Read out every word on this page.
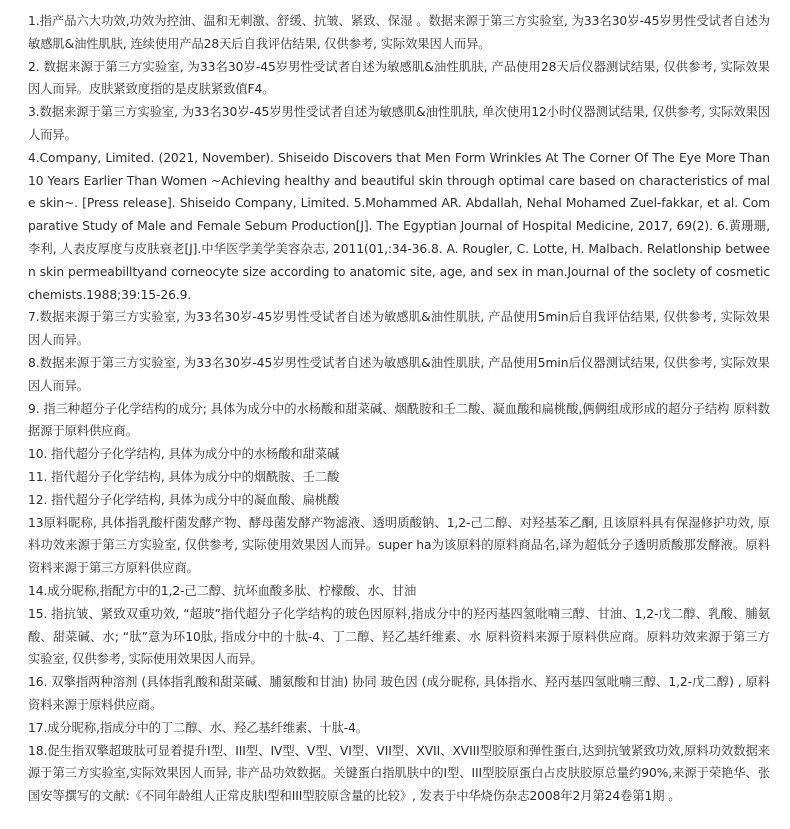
1.指产品六大功效,功效为控油、温和无刺激、舒缓、抗皱、紧致、保湿 。数据来源于第三方实验室, 为33名30岁-45岁男性受试者自述为敏感肌&油性肌肤, 连续使用产品28天后自我评估结果, 仅供参考, 实际效果因人而异。

2. 数据来源于第三方实验室, 为33名30岁-45岁男性受试者自述为敏感肌&油性肌肤, 产品使用28天后仪器测试结果, 仅供参考, 实际效果因人而异。皮肤紧致度指的是皮肤紧致值F4。

3.数据来源于第三方实验室, 为33名30岁-45岁男性受试者自述为敏感肌&油性肌肤, 单次使用12小时仪器测试结果, 仅供参考, 实际效果因人而异。

4.Company, Limited. (2021, November). Shiseido Discovers that Men Form Wrinkles At The Corner Of The Eye More Than 10 Years Earlier Than Women ~Achieving healthy and beautiful skin through optimal care based on characteristics of male skin~. [Press release]. Shiseido Company, Limited. 5.Mohammed AR. Abdallah, Nehal Mohamed Zuel-fakkar, et al. Comparative Study of Male and Female Sebum Production[J]. The Egyptian Journal of Hospital Medicine, 2017, 69(2). 6.黄珊珊, 李利, 人表皮厚度与皮肤衰老[J].中华医学美学美容杂志, 2011(01,:34-36.8. A. Rougler, C. Lotte, H. Malbach. Relatlonship between skin permeabilltyand corneocyte size according to anatomic site, age, and sex in man.Journal of the soclety of cosmetic chemists.1988;39:15-26.9.

7.数据来源于第三方实验室, 为33名30岁-45岁男性受试者自述为敏感肌&油性肌肤, 产品使用5min后自我评估结果, 仅供参考, 实际效果因人而异。

8.数据来源于第三方实验室, 为33名30岁-45岁男性受试者自述为敏感肌&油性肌肤, 产品使用5min后仪器测试结果, 仅供参考, 实际效果因人而异。

9. 指三种超分子化学结构的成分; 具体为成分中的水杨酸和甜菜碱、烟酰胺和壬二酸、凝血酸和扁桃酸,俩俩组成形成的超分子结构 原料数据源于原料供应商。

10. 指代超分子化学结构, 具体为成分中的水杨酸和甜菜碱

11. 指代超分子化学结构, 具体为成分中的烟酰胺、壬二酸

12. 指代超分子化学结构, 具体为成分中的凝血酸、扁桃酸

13原料昵称, 具体指乳酸杆菌发酵产物、酵母菌发酵产物滤液、透明质酸钠、1,2-己二醇、对羟基苯乙酮, 且该原料具有保湿修护功效, 原料功效来源于第三方实验室, 仅供参考, 实际使用效果因人而异。super ha为该原料的原料商品名,译为超低分子透明质酸那发酵液。原料资料来源于第三方原料供应商。

14.成分昵称,指配方中的1,2-己二醇、抗坏血酸多肽、柠檬酸、水、甘油

15. 指抗皱、紧致双重功效, “超玻”指代超分子化学结构的玻色因原料,指成分中的羟丙基四氢吡喃三醇、甘油、1,2-戊二醇、乳酸、脯氨酸、甜菜碱、水; “肽”意为环10肽, 指成分中的十肽-4、丁二醇、羟乙基纤维素、水 原料资料来源于原料供应商。原料功效来源于第三方实验室, 仅供参考, 实际使用效果因人而异。

16. 双擎指两种溶剂 (具体指乳酸和甜菜碱、脯氨酸和甘油) 协同 玻色因 (成分昵称, 具体指水、羟丙基四氢吡喃三醇、1,2-戊二醇) , 原料资料来源于原料供应商。

17.成分昵称,指成分中的丁二醇、水、羟乙基纤维素、十肽-4。

18.促生指双擎超玻肽可显着提升I型、III型、IV型、V型、VI型、VII型、XVII、XVIII型胶原和弹性蛋白,达到抗皱紧致功效,原料功效数据来源于第三方实验室,实际效果因人而异, 非产品功效数据。关键蛋白指肌肤中的I型、III型胶原蛋白占皮肤胶原总量约90%,来源于荣艳华、张国安等撰写的文献:《不同年龄组人正常皮肤I型和III型胶原含量的比较》, 发表于中华烧伤杂志2008年2月第24卷第1期 。
